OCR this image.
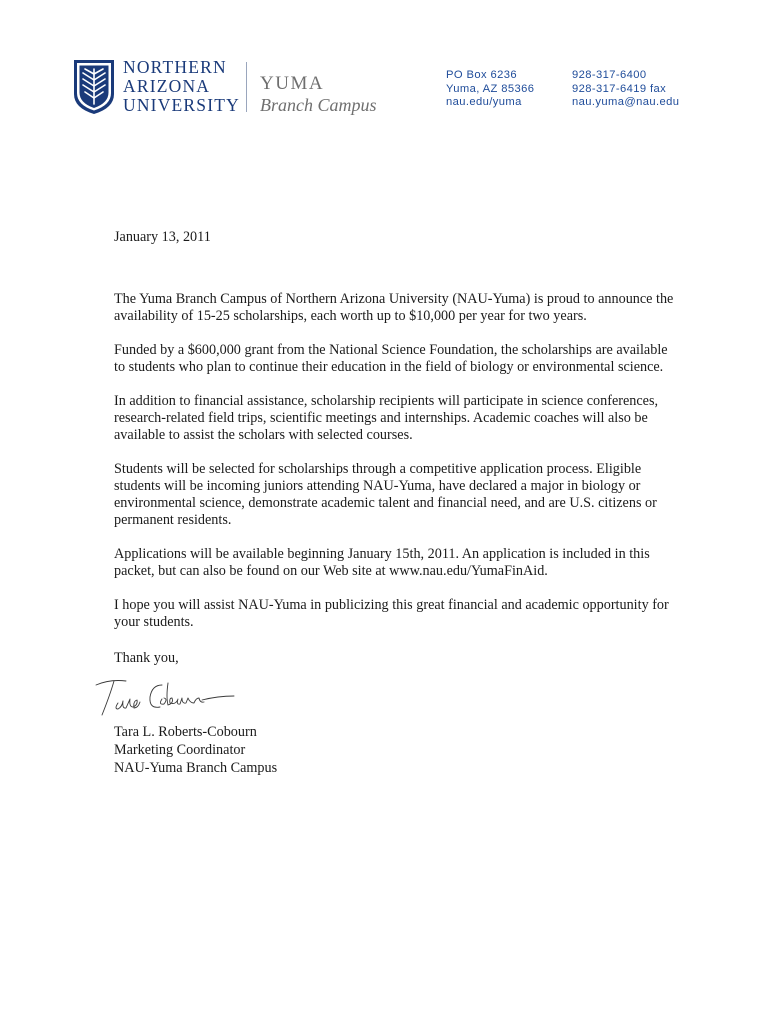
NORTHERN
ARIZONA
UNIVERSITY
YUMA
Branch Campus
PO Box 6236
Yuma, AZ 85366
nau.edu/yuma
928-317-6400
928-317-6419 fax
nau.yuma@nau.edu

January 13, 2011

The Yuma Branch Campus of Northern Arizona University (NAU-Yuma) is proud to announce the availability of 15-25 scholarships, each worth up to $10,000 per year for two years.

Funded by a $600,000 grant from the National Science Foundation, the scholarships are available to students who plan to continue their education in the field of biology or environmental science.

In addition to financial assistance, scholarship recipients will participate in science conferences, research-related field trips, scientific meetings and internships. Academic coaches will also be available to assist the scholars with selected courses.

Students will be selected for scholarships through a competitive application process. Eligible students will be incoming juniors attending NAU-Yuma, have declared a major in biology or environmental science, demonstrate academic talent and financial need, and are U.S. citizens or permanent residents.

Applications will be available beginning January 15th, 2011. An application is included in this packet, but can also be found on our Web site at www.nau.edu/YumaFinAid.

I hope you will assist NAU-Yuma in publicizing this great financial and academic opportunity for your students.

Thank you,

Tara L. Roberts-Cobourn

Marketing Coordinator

NAU-Yuma Branch Campus
